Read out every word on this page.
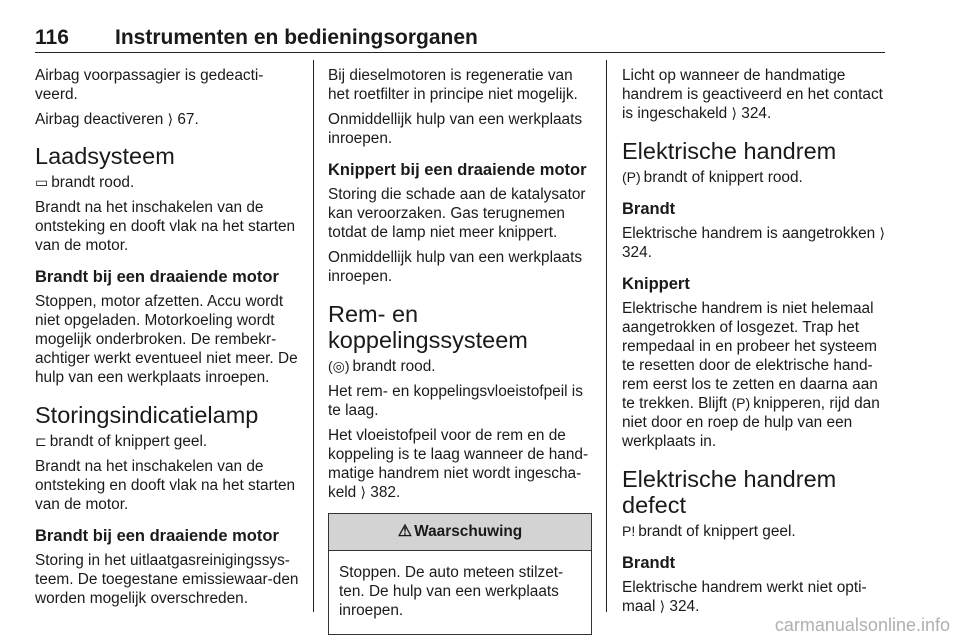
116 Instrumenten en bedieningsorganen

Airbag voorpassagier is gedeacti-veerd.

Airbag deactiveren ⟩ 67.

Laadsysteem

▭ brandt rood.

Brandt na het inschakelen van de ontsteking en dooft vlak na het starten van de motor.

Brandt bij een draaiende motor

Stoppen, motor afzetten. Accu wordt niet opgeladen. Motorkoeling wordt mogelijk onderbroken. De rembekr-achtiger werkt eventueel niet meer. De hulp van een werkplaats inroepen.

Storingsindicatielamp

⊏ brandt of knippert geel.

Brandt na het inschakelen van de ontsteking en dooft vlak na het starten van de motor.

Brandt bij een draaiende motor

Storing in het uitlaatgasreinigingssys-teem. De toegestane emissiewaar-den worden mogelijk overschreden.

Bij dieselmotoren is regeneratie van het roetfilter in principe niet mogelijk.

Onmiddellijk hulp van een werkplaats inroepen.

Knippert bij een draaiende motor

Storing die schade aan de katalysator kan veroorzaken. Gas terugnemen totdat de lamp niet meer knippert.

Onmiddellijk hulp van een werkplaats inroepen.

Rem- en koppelingssysteem

(◎) brandt rood.

Het rem- en koppelingsvloeistofpeil is te laag.

Het vloeistofpeil voor de rem en de koppeling is te laag wanneer de hand-matige handrem niet wordt ingescha-keld ⟩ 382.

⚠ Waarschuwing
Stoppen. De auto meteen stilzet-ten. De hulp van een werkplaats inroepen.

Licht op wanneer de handmatige handrem is geactiveerd en het contact is ingeschakeld ⟩ 324.

Elektrische handrem

(P) brandt of knippert rood.

Brandt

Elektrische handrem is aangetrokken ⟩ 324.

Knippert

Elektrische handrem is niet helemaal aangetrokken of losgezet. Trap het rempedaal in en probeer het systeem te resetten door de elektrische hand-rem eerst los te zetten en daarna aan te trekken. Blijft (P) knipperen, rijd dan niet door en roep de hulp van een werkplaats in.

Elektrische handrem defect

P! brandt of knippert geel.

Brandt

Elektrische handrem werkt niet opti-maal ⟩ 324.

carmanualsonline.info
